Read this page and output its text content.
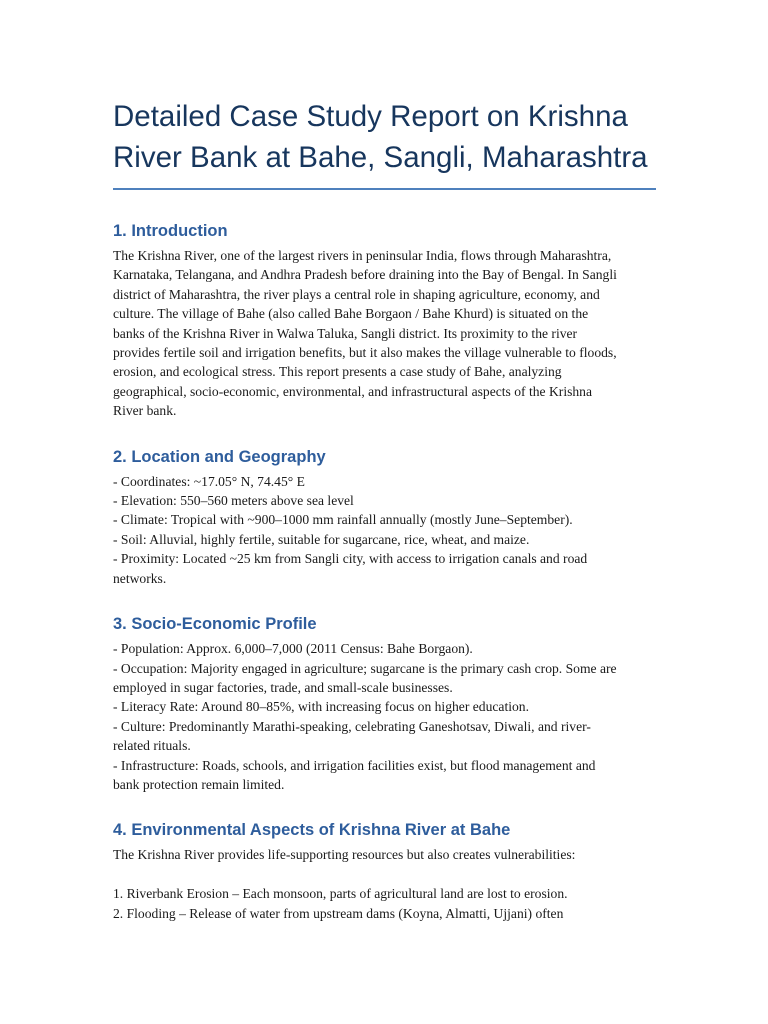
Detailed Case Study Report on Krishna
River Bank at Bahe, Sangli, Maharashtra
1. Introduction
The Krishna River, one of the largest rivers in peninsular India, flows through Maharashtra,
Karnataka, Telangana, and Andhra Pradesh before draining into the Bay of Bengal. In Sangli
district of Maharashtra, the river plays a central role in shaping agriculture, economy, and
culture. The village of Bahe (also called Bahe Borgaon / Bahe Khurd) is situated on the
banks of the Krishna River in Walwa Taluka, Sangli district. Its proximity to the river
provides fertile soil and irrigation benefits, but it also makes the village vulnerable to floods,
erosion, and ecological stress. This report presents a case study of Bahe, analyzing
geographical, socio-economic, environmental, and infrastructural aspects of the Krishna
River bank.
2. Location and Geography
- Coordinates: ~17.05° N, 74.45° E
- Elevation: 550–560 meters above sea level
- Climate: Tropical with ~900–1000 mm rainfall annually (mostly June–September).
- Soil: Alluvial, highly fertile, suitable for sugarcane, rice, wheat, and maize.
- Proximity: Located ~25 km from Sangli city, with access to irrigation canals and road
networks.
3. Socio-Economic Profile
- Population: Approx. 6,000–7,000 (2011 Census: Bahe Borgaon).
- Occupation: Majority engaged in agriculture; sugarcane is the primary cash crop. Some are
employed in sugar factories, trade, and small-scale businesses.
- Literacy Rate: Around 80–85%, with increasing focus on higher education.
- Culture: Predominantly Marathi-speaking, celebrating Ganeshotsav, Diwali, and river-
related rituals.
- Infrastructure: Roads, schools, and irrigation facilities exist, but flood management and
bank protection remain limited.
4. Environmental Aspects of Krishna River at Bahe
The Krishna River provides life-supporting resources but also creates vulnerabilities:
1. Riverbank Erosion – Each monsoon, parts of agricultural land are lost to erosion.
2. Flooding – Release of water from upstream dams (Koyna, Almatti, Ujjani) often
